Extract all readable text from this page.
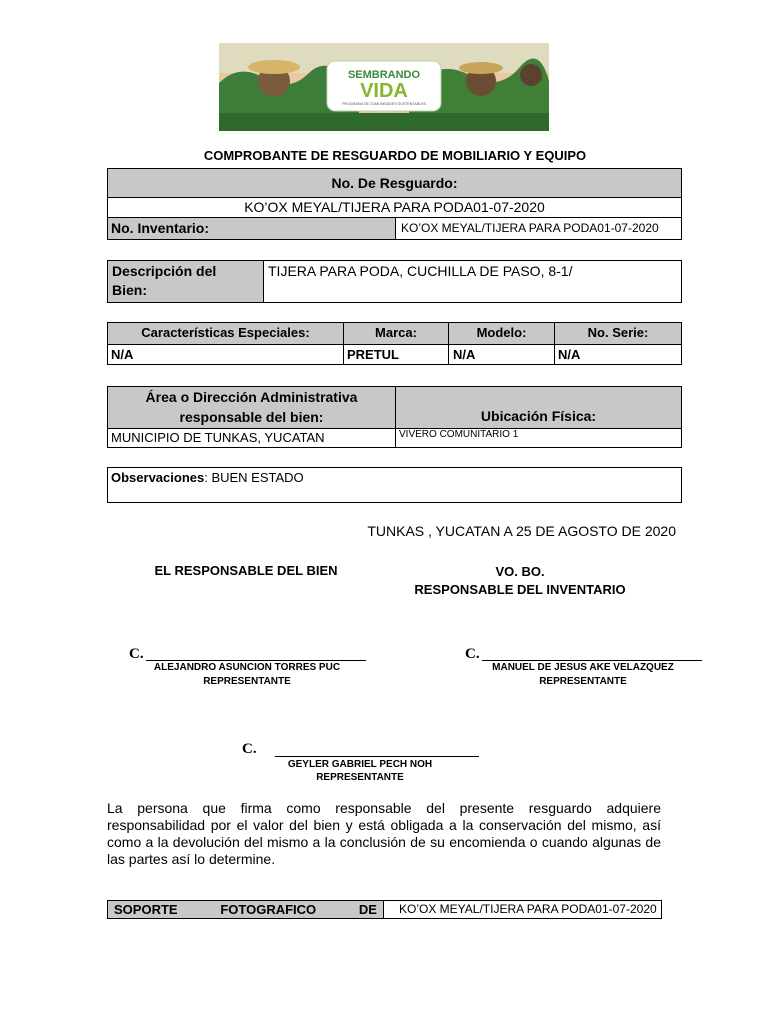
SEMBRANDO
VIDA
PROGRAMA DE COMUNIDADES SUSTENTABLES
COMPROBANTE DE RESGUARDO DE MOBILIARIO Y EQUIPO
No. De Resguardo:
KO’OX MEYAL/TIJERA PARA PODA01-07-2020
No. Inventario:	KO’OX MEYAL/TIJERA PARA PODA01-07-2020
Descripción del
Bien:
TIJERA PARA PODA, CUCHILLA DE PASO, 8-1/
Características Especiales:	Marca:	Modelo:	No. Serie:
N/A	PRETUL	N/A	N/A
Área o Dirección Administrativa
responsable del bien:	Ubicación Física:
MUNICIPIO DE TUNKAS, YUCATAN	VIVERO COMUNITARIO 1
Observaciones: BUEN ESTADO
TUNKAS , YUCATAN A 25 DE AGOSTO DE 2020
EL RESPONSABLE DEL BIEN	VO. BO.
RESPONSABLE DEL INVENTARIO
C.
ALEJANDRO ASUNCION TORRES PUC
REPRESENTANTE
C.
MANUEL DE JESUS AKE VELAZQUEZ
REPRESENTANTE
C.
GEYLER GABRIEL PECH NOH
REPRESENTANTE
La persona que firma como responsable del presente resguardo adquiere responsabilidad por el valor del bien y está obligada a la conservación del mismo, así como a la devolución del mismo a la conclusión de su encomienda o cuando algunas de las partes así lo determine.
SOPORTE	FOTOGRAFICO	DE	KO’OX MEYAL/TIJERA PARA PODA01-07-2020
